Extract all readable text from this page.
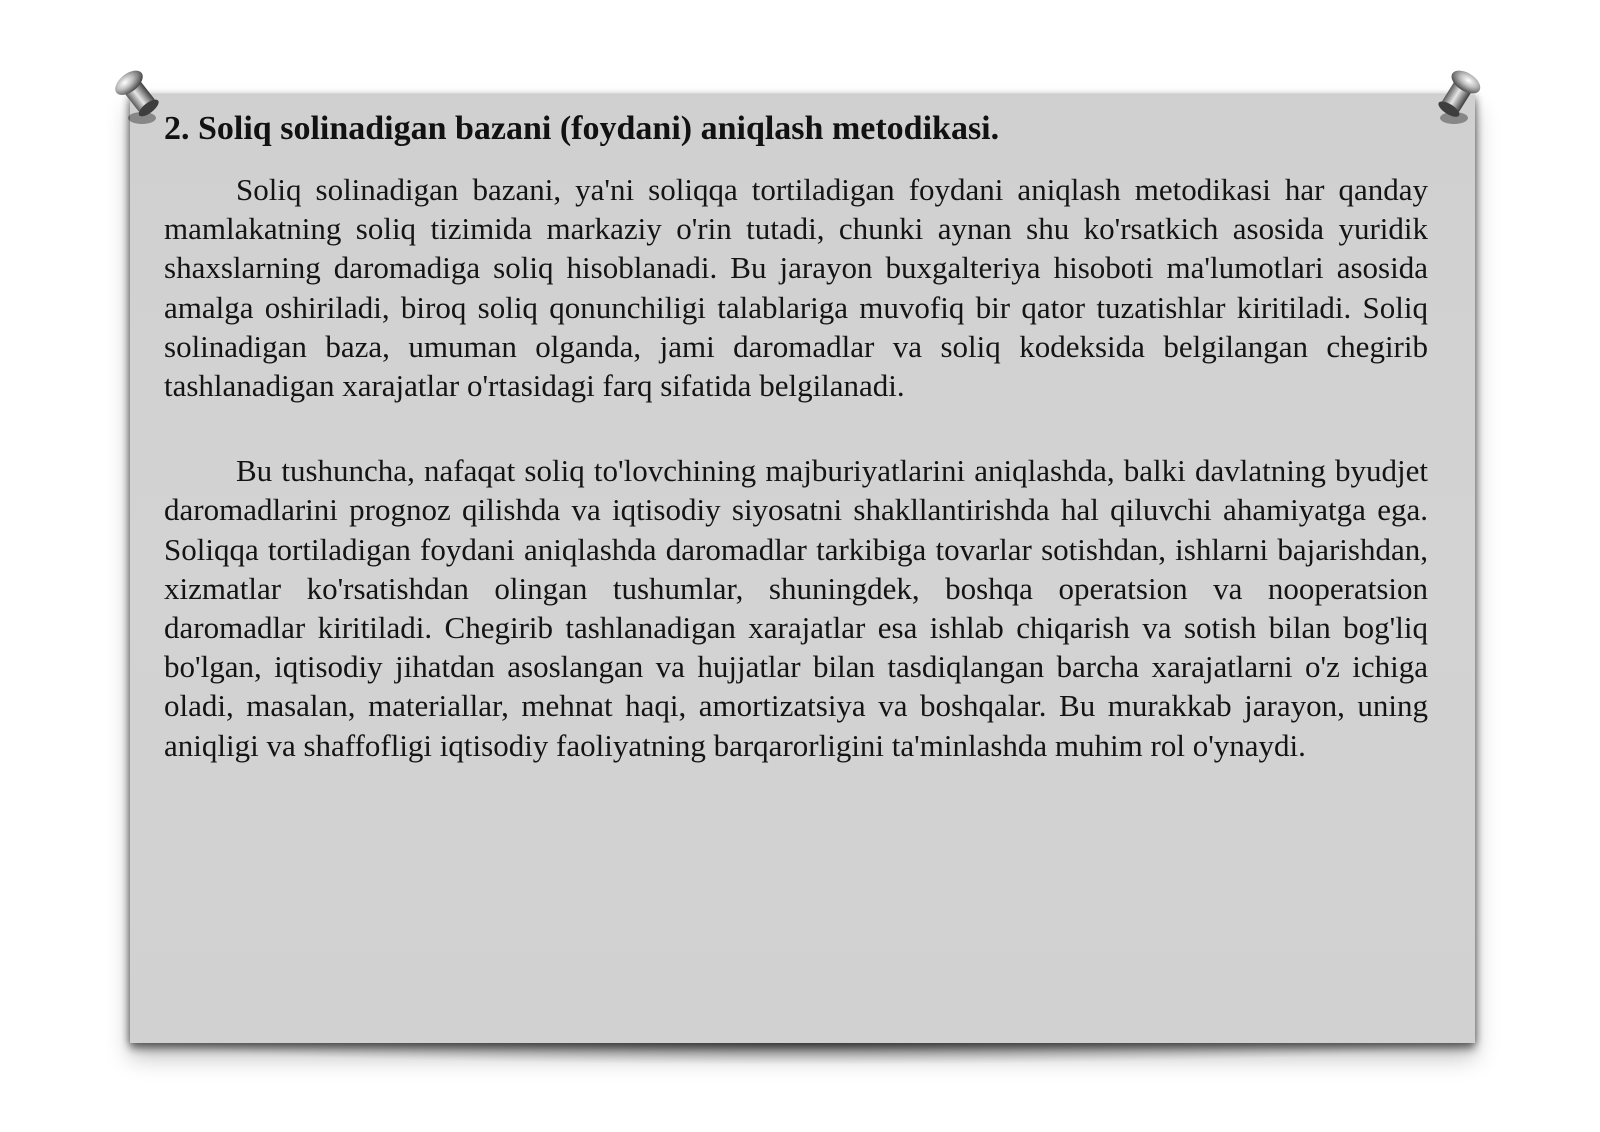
2. Soliq solinadigan bazani (foydani) aniqlash metodikasi.

Soliq solinadigan bazani, ya'ni soliqqa tortiladigan foydani aniqlash metodikasi har qanday mamlakatning soliq tizimida markaziy o'rin tutadi, chunki aynan shu ko'rsatkich asosida yuridik shaxslarning daromadiga soliq hisoblanadi. Bu jarayon buxgalteriya hisoboti ma'lumotlari asosida amalga oshiriladi, biroq soliq qonunchiligi talablariga muvofiq bir qator tuzatishlar kiritiladi. Soliq solinadigan baza, umuman olganda, jami daromadlar va soliq kodeksida belgilangan chegirib tashlanadigan xarajatlar o'rtasidagi farq sifatida belgilanadi.

Bu tushuncha, nafaqat soliq to'lovchining majburiyatlarini aniqlashda, balki davlatning byudjet daromadlarini prognoz qilishda va iqtisodiy siyosatni shakllantirishda hal qiluvchi ahamiyatga ega. Soliqqa tortiladigan foydani aniqlashda daromadlar tarkibiga tovarlar sotishdan, ishlarni bajarishdan, xizmatlar ko'rsatishdan olingan tushumlar, shuningdek, boshqa operatsion va nooperatsion daromadlar kiritiladi. Chegirib tashlanadigan xarajatlar esa ishlab chiqarish va sotish bilan bog'liq bo'lgan, iqtisodiy jihatdan asoslangan va hujjatlar bilan tasdiqlangan barcha xarajatlarni o'z ichiga oladi, masalan, materiallar, mehnat haqi, amortizatsiya va boshqalar. Bu murakkab jarayon, uning aniqligi va shaffofligi iqtisodiy faoliyatning barqarorligini ta'minlashda muhim rol o'ynaydi.
